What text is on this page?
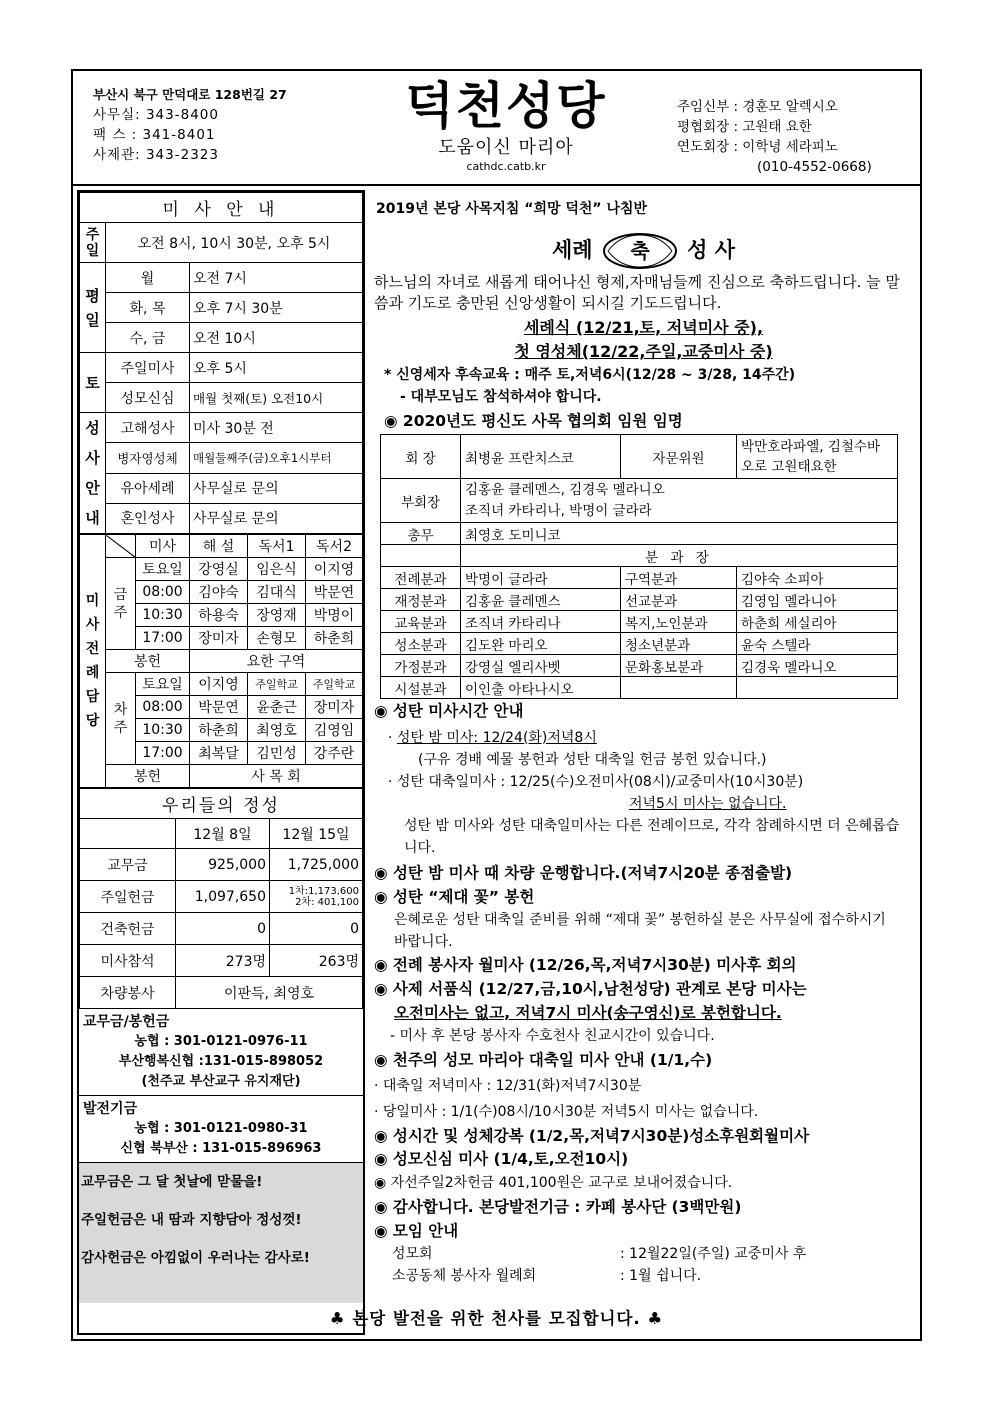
부산시 북구 만덕대로 128번길 27
사무실: 343-8400
팩 스 : 341-8401
사제관: 343-2323
덕천성당
도움이신 마리아
cathdc.catb.kr
주임신부 : 경훈모 알렉시오
평협회장 : 고원태 요한
연도회장 : 이학녕 세라피노
(010-4552-0668)
미 사 안 내		
주일	오전 8시, 10시 30분, 오후 5시	
평일	월	오전 7시
	화, 목	오후 7시 30분
	수, 금	오전 10시
토	주일미사	오후 5시
	성모신심	매월 첫째(토) 오전10시
성사안내	고해성사	미사 30분 전
	병자영성체	매월둘째주(금)오후1시부터
	유아세례	사무실로 문의
	혼인성사	사무실로 문의
미사전례담당		미사	해 설	독서1	독서2
	금주	토요일	강영실	임은식	이지영
		08:00	김야숙	김대식	박문연
		10:30	하용숙	장영재	박명이
		17:00	장미자	손형모	하춘희
	봉헌		요한 구역		
	차주	토요일	이지영	주일학교	주일학교
		08:00	박문연	윤춘근	장미자
		10:30	하춘희	최영호	김영임
		17:00	최복달	김민성	강주란
	봉헌		사 목 회		
우리들의 정성		
	12월 8일	12월 15일
교무금	925,000	1,725,000
주일헌금	1,097,650	1차:1,173,600
2차: 401,100

건축헌금	0	0
미사참석	273명	263명
차량봉사	이판득, 최영호	
교무금/봉헌금
농협 : 301-0121-0976-11
부산행복신협 :131-015-898052
(천주교 부산교구 유지재단)
발전기금
농협 : 301-0121-0980-31
신협 북부산 : 131-015-896963
교무금은 그 달 첫날에 맏물을!
주일헌금은 내 땀과 지향담아 정성껏!
감사헌금은 아낌없이 우러나는 감사로!
2019년 본당 사목지침 “희망 덕천” 나침반
세례 축 성 사
하느님의 자녀로 새롭게 태어나신 형제,자매님들께 진심으로 축하드립니다. 늘 말씀과 기도로 충만된 신앙생활이 되시길 기도드립니다.
세례식 (12/21,토, 저녁미사 중),
첫 영성체(12/22,주일,교중미사 중)
* 신영세자 후속교육 : 매주 토,저녁6시(12/28 ~ 3/28, 14주간)
- 대부모님도 참석하셔야 합니다.
◉ 2020년도 평신도 사목 협의회 임원 임명
회 장	최병윤 프란치스코	자문위원	박만호라파엘, 김철수바오로 고원태요한
부회장	김홍윤 클레멘스, 김경욱 멜라니오
조직녀 카타리나, 박명이 글라라		

총무	최영호 도미니코		
	분 과 장		
전례분과	박명이 글라라	구역분과	김야숙 소피아
재정분과	김홍윤 클레멘스	선교분과	김영임 멜라니아
교육분과	조직녀 카타리나	복지,노인분과	하춘희 세실리아
성소분과	김도완 마리오	청소년분과	윤숙 스텔라
가정분과	강영실 엘리사벳	문화홍보분과	김경욱 멜라니오
시설분과	이인출 아타나시오		
◉ 성탄 미사시간 안내
· 성탄 밤 미사: 12/24(화)저녁8시
(구유 경배 예물 봉헌과 성탄 대축일 헌금 봉헌 있습니다.)
· 성탄 대축일미사 : 12/25(수)오전미사(08시)/교중미사(10시30분)
저녁5시 미사는 없습니다.
성탄 밤 미사와 성탄 대축일미사는 다른 전례이므로, 각각 참례하시면 더 은혜롭습니다.
◉ 성탄 밤 미사 때 차량 운행합니다.(저녁7시20분 종점출발)
◉ 성탄 “제대 꽃” 봉헌
은혜로운 성탄 대축일 준비를 위해 “제대 꽃” 봉헌하실 분은 사무실에 접수하시기 바랍니다.
◉ 전례 봉사자 월미사 (12/26,목,저녁7시30분) 미사후 회의
◉ 사제 서품식 (12/27,금,10시,남천성당) 관계로 본당 미사는
오전미사는 없고, 저녁7시 미사(송구영신)로 봉헌합니다.
- 미사 후 본당 봉사자 수호천사 친교시간이 있습니다.
◉ 천주의 성모 마리아 대축일 미사 안내 (1/1,수)
· 대축일 저녁미사 : 12/31(화)저녁7시30분
· 당일미사 : 1/1(수)08시/10시30분 저녁5시 미사는 없습니다.
◉ 성시간 및 성체강복 (1/2,목,저녁7시30분)성소후원회월미사
◉ 성모신심 미사 (1/4,토,오전10시)
◉ 자선주일2차헌금 401,100원은 교구로 보내어졌습니다.
◉ 감사합니다. 본당발전기금 : 카페 봉사단 (3백만원)
◉ 모임 안내
성모회	: 12월22일(주일) 교중미사 후
소공동체 봉사자 월례회	: 1월 쉽니다.
♣ 본당 발전을 위한 천사를 모집합니다. ♣
